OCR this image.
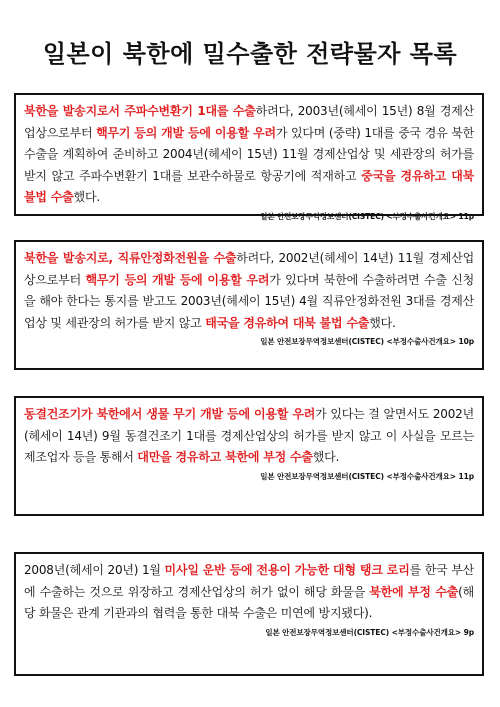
일본이 북한에 밀수출한 전략물자 목록

북한을 발송지로서 주파수변환기 1대를 수출하려다, 2003년(헤세이 15년) 8월 경제산업상으로부터 핵무기 등의 개발 등에 이용할 우려가 있다며 (중략) 1대를 중국 경유 북한 수출을 계획하여 준비하고 2004년(헤세이 15년) 11월 경제산업상 및 세관장의 허가를 받지 않고 주파수변환기 1대를 보관수하물로 항공기에 적재하고 중국을 경유하고 대북 불법 수출했다.

일본 안전보장무역정보센터(CISTEC) <부정수출사건개요> 11p

북한을 발송지로, 직류안정화전원을 수출하려다, 2002년(헤세이 14년) 11월 경제산업상으로부터 핵무기 등의 개발 등에 이용할 우려가 있다며 북한에 수출하려면 수출 신청을 해야 한다는 통지를 받고도 2003년(헤세이 15년) 4월 직류안정화전원 3대를 경제산업상 및 세관장의 허가를 받지 않고 태국을 경유하여 대북 불법 수출했다.

일본 안전보장무역정보센터(CISTEC) <부정수출사건개요> 10p

동결건조기가 북한에서 생물 무기 개발 등에 이용할 우려가 있다는 걸 알면서도 2002년(헤세이 14년) 9월 동결건조기 1대를 경제산업상의 허가를 받지 않고 이 사실을 모르는 제조업자 등을 통해서 대만을 경유하고 북한에 부정 수출했다.

일본 안전보장무역정보센터(CISTEC) <부정수출사건개요> 11p

2008년(헤세이 20년) 1월 미사일 운반 등에 전용이 가능한 대형 탱크 로리를 한국 부산에 수출하는 것으로 위장하고 경제산업상의 허가 없이 해당 화물을 북한에 부정 수출(해당 화물은 관계 기관과의 협력을 통한 대북 수출은 미연에 방지됐다).

일본 안전보장무역정보센터(CISTEC) <부정수출사건개요> 9p
